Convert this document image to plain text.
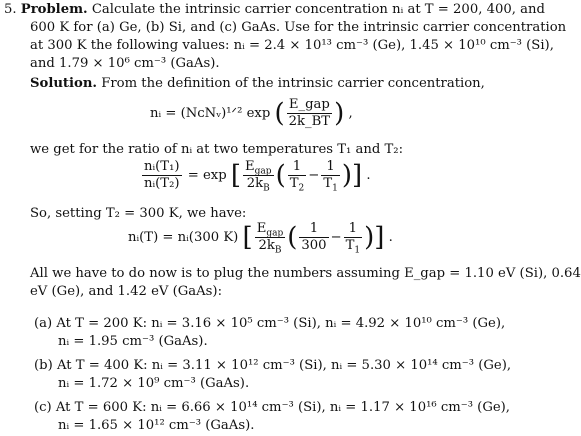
5. Problem. Calculate the intrinsic carrier concentration nᵢ at T = 200, 400, and
600 K for (a) Ge, (b) Si, and (c) GaAs. Use for the intrinsic carrier concentration
at 300 K the following values: nᵢ = 2.4 × 10¹³ cm⁻³ (Ge), 1.45 × 10¹⁰ cm⁻³ (Si),
and 1.79 × 10⁶ cm⁻³ (GaAs).
Solution. From the definition of the intrinsic carrier concentration,
nᵢ = (NᴄNᵥ)¹ᐟ² exp ( $\frac{\text{E\_gap}}{2k\_BT}$ ) ,
we get for the ratio of nᵢ at two temperatures T₁ and T₂:
$\frac{\text{nᵢ(T₁)}}{\text{nᵢ(T₂)}} = \exp$ [ $\frac{E_{gap}}{2k_B}$ ( $\frac{1}{T_2} - \frac{1}{T_1}$ )] .
So, setting T₂ = 300 K, we have:
nᵢ(T) = nᵢ(300 K) [ $\frac{E_{gap}}{2k_B}$ ( $\frac{1}{300} - \frac{1}{T_1}$ )] .
All we have to do now is to plug the numbers assuming E_gap = 1.10 eV (Si), 0.64
eV (Ge), and 1.42 eV (GaAs):
(a) At T = 200 K: nᵢ = 3.16 × 10⁵ cm⁻³ (Si), nᵢ = 4.92 × 10¹⁰ cm⁻³ (Ge),
nᵢ = 1.95 cm⁻³ (GaAs).
(b) At T = 400 K: nᵢ = 3.11 × 10¹² cm⁻³ (Si), nᵢ = 5.30 × 10¹⁴ cm⁻³ (Ge),
nᵢ = 1.72 × 10⁹ cm⁻³ (GaAs).
(c) At T = 600 K: nᵢ = 6.66 × 10¹⁴ cm⁻³ (Si), nᵢ = 1.17 × 10¹⁶ cm⁻³ (Ge),
nᵢ = 1.65 × 10¹² cm⁻³ (GaAs).
